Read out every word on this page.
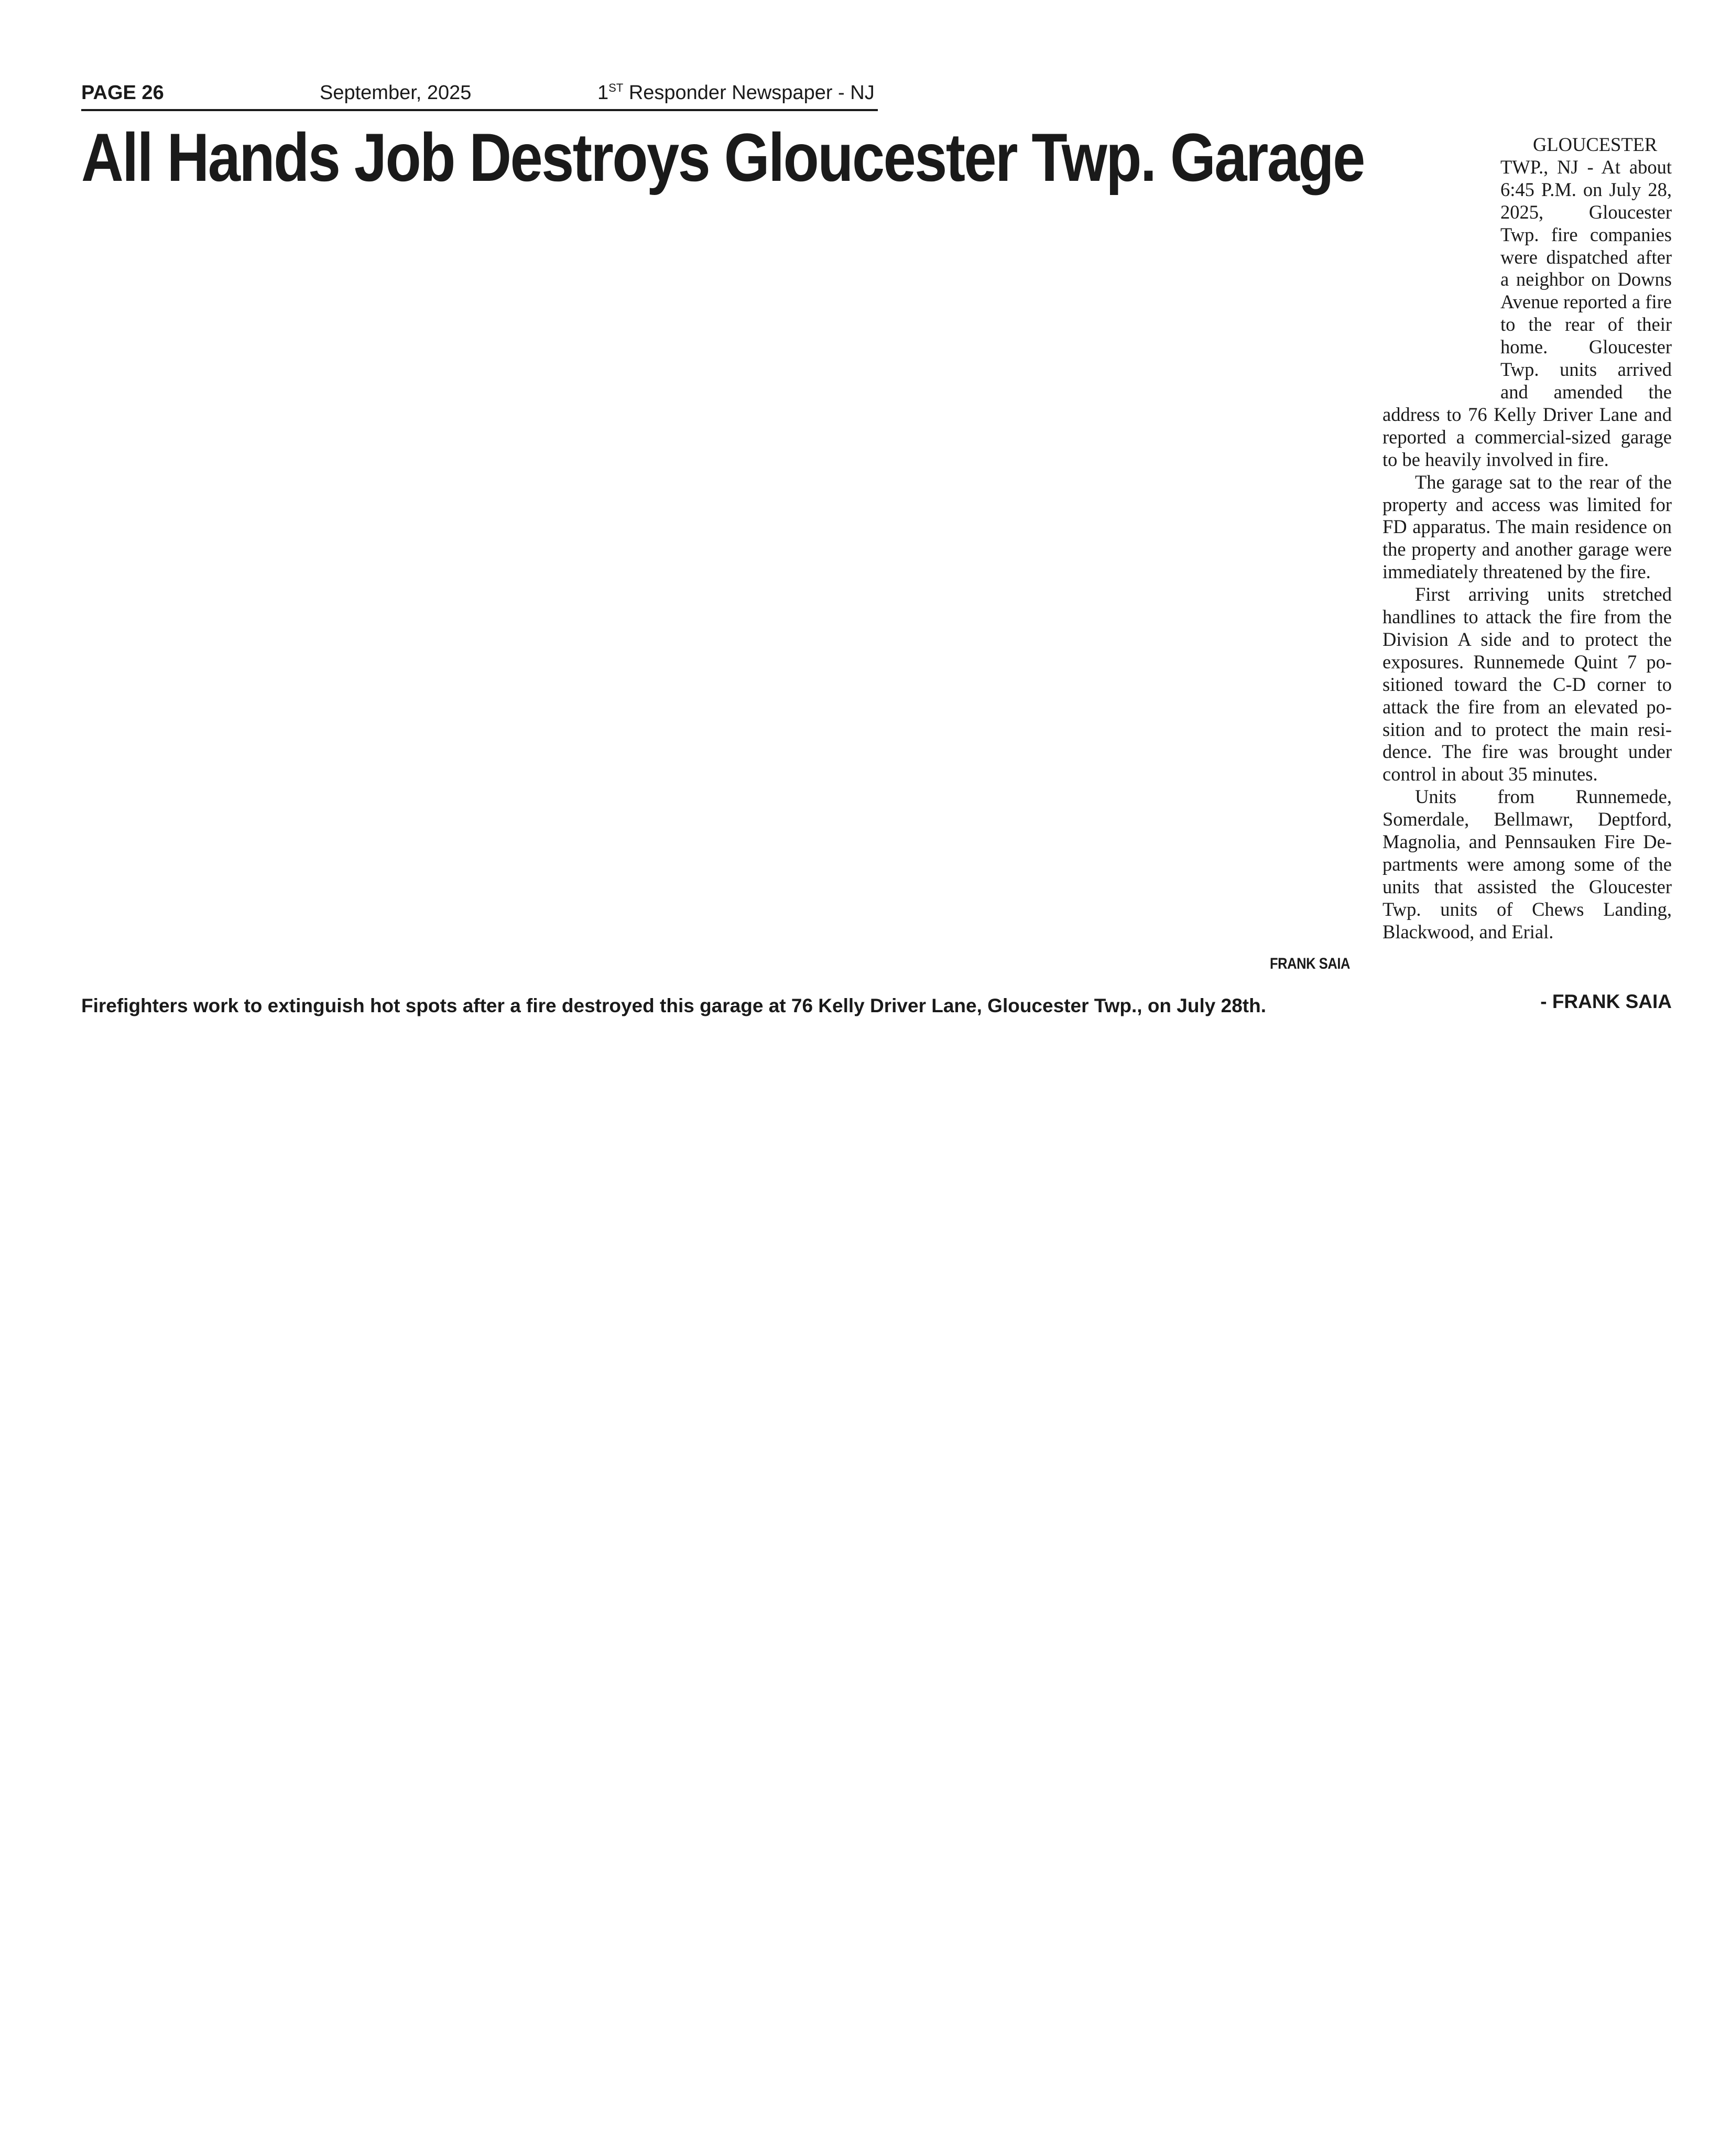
PAGE 26	September, 2025	1ST Responder Newspaper - NJ
All Hands Job Destroys Gloucester Twp. Garage
FRANK SAIA
Firefighters work to extinguish hot spots after a fire destroyed this garage at 76 Kelly Driver Lane, Gloucester Twp., on July 28th.

GLOUCESTER TWP., NJ - At about 6:45 P.M. on July 28, 2025, Gloucester Twp. fire companies were dispatched after a neighbor on Downs Avenue reported a fire to the rear of their home. Gloucester Twp. units arrived and amended the address to 76 Kelly Driver Lane and reported a commercial-sized garage to be heavily involved in fire.

The garage sat to the rear of the property and access was limited for FD apparatus. The main residence on the property and another garage were immediately threatened by the fire.

First arriving units stretched handlines to attack the fire from the Division A side and to protect the exposures. Runnemede Quint 7 positioned toward the C-D corner to attack the fire from an elevated position and to protect the main residence. The fire was brought under control in about 35 minutes.

Units from Runnemede, Somerdale, Bellmawr, Deptford, Magnolia, and Pennsauken Fire Departments were among some of the units that assisted the Gloucester Twp. units of Chews Landing, Blackwood, and Erial.

- FRANK SAIA
